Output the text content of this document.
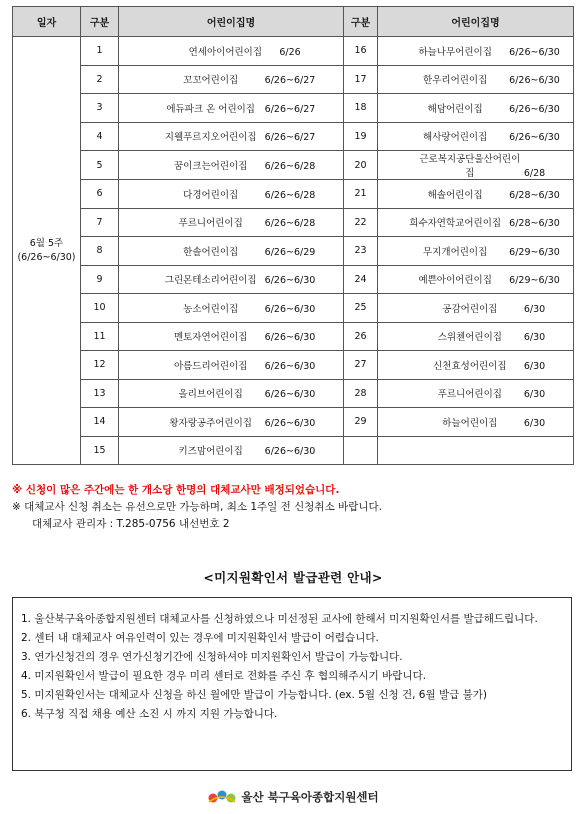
일자	구분	어린이집명	구분	어린이집명

6월 5주
(6/26~6/30)	1	연세아이어린이집 6/26	16	하늘나무어린이집 6/26~6/30
	2	꼬꼬어린이집 6/26~6/27	17	한우리어린이집 6/26~6/30
	3	에듀파크 온 어린이집 6/26~6/27	18	해담어린이집 6/26~6/30
	4	지웰푸르지오어린이집 6/26~6/27	19	해사랑어린이집 6/26~6/30
	5	꿈이크는어린이집 6/26~6/28	20	근로복지공단울산어린이집 6/28
	6	다경어린이집 6/26~6/28	21	해솔어린이집 6/28~6/30
	7	푸르니어린이집 6/26~6/28	22	희수자연학교어린이집 6/28~6/30
	8	한솔어린이집 6/26~6/29	23	무지개어린이집 6/29~6/30
	9	그린몬테소리어린이집 6/26~6/30	24	예쁜아이어린이집 6/29~6/30
	10	농소어린이집 6/26~6/30	25	공감어린이집 6/30
	11	멘토자연어린이집 6/26~6/30	26	스위첸어린이집 6/30
	12	아름드리어린이집 6/26~6/30	27	신천효성어린이집 6/30
	13	올리브어린이집 6/26~6/30	28	푸르니어린이집 6/30
	14	왕자랑공주어린이집 6/26~6/30	29	하늘어린이집 6/30
	15	키즈맘어린이집 6/26~6/30		
※ 신청이 많은 주간에는 한 개소당 한명의 대체교사만 배정되었습니다.
※ 대체교사 신청 취소는 유선으로만 가능하며, 최소 1주일 전 신청취소 바랍니다.
대체교사 관리자 : T.285-0756 내선번호 2
<미지원확인서 발급관련 안내>
1. 울산북구육아종합지원센터 대체교사를 신청하였으나 미선정된 교사에 한해서 미지원확인서를 발급해드립니다.
2. 센터 내 대체교사 여유인력이 있는 경우에 미지원확인서 발급이 어렵습니다.
3. 연가신청건의 경우 연가신청기간에 신청하셔야 미지원확인서 발급이 가능합니다.
4. 미지원확인서 발급이 필요한 경우 미리 센터로 전화를 주신 후 협의해주시기 바랍니다.
5. 미지원확인서는 대체교사 신청을 하신 월에만 발급이 가능합니다. (ex. 5월 신청 건, 6월 발급 불가)
6. 북구청 직접 채용 예산 소진 시 까지 지원 가능합니다.
울산 북구육아종합지원센터
